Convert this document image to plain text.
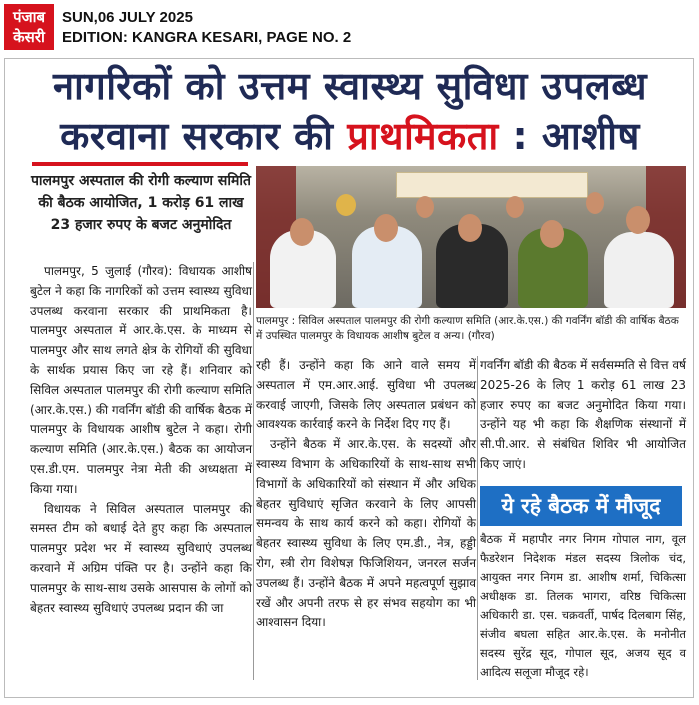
पंजाब
केसरी
SUN,06 JULY 2025
EDITION: KANGRA KESARI, PAGE NO. 2
नागरिकों को उत्तम स्वास्थ्य सुविधा उपलब्ध
करवाना सरकार की प्राथमिकता : आशीष
पालमपुर अस्पताल की रोगी कल्याण समिति की बैठक आयोजित, 1 करोड़ 61 लाख 23 हजार रुपए के बजट अनुमोदित
पालमपुर : सिविल अस्पताल पालमपुर की रोगी कल्याण समिति (आर.के.एस.) की गवर्निंग बॉडी की वार्षिक बैठक में उपस्थित पालमपुर के विधायक आशीष बुटेल व अन्य। (गौरव)

पालमपुर, 5 जुलाई (गौरव): विधायक आशीष बुटेल ने कहा कि नागरिकों को उत्तम स्वास्थ्य सुविधा उपलब्ध करवाना सरकार की प्राथमिकता है। पालमपुर अस्पताल में आर.के.एस. के माध्यम से पालमपुर और साथ लगते क्षेत्र के रोगियों की सुविधा के सार्थक प्रयास किए जा रहे हैं। शनिवार को सिविल अस्पताल पालमपुर की रोगी कल्याण समिति (आर.के.एस.) की गवर्निंग बॉडी की वार्षिक बैठक में पालमपुर के विधायक आशीष बुटेल ने कहा। रोगी कल्याण समिति (आर.के.एस.) बैठक का आयोजन एस.डी.एम. पालमपुर नेत्रा मेती की अध्यक्षता में किया गया।

विधायक ने सिविल अस्पताल पालमपुर की समस्त टीम को बधाई देते हुए कहा कि अस्पताल पालमपुर प्रदेश भर में स्वास्थ्य सुविधाएं उपलब्ध करवाने में अग्रिम पंक्ति पर है। उन्होंने कहा कि पालमपुर के साथ-साथ उसके आसपास के लोगों को बेहतर स्वास्थ्य सुविधाएं उपलब्ध प्रदान की जा

रही हैं। उन्होंने कहा कि आने वाले समय में अस्पताल में एम.आर.आई. सुविधा भी उपलब्ध करवाई जाएगी, जिसके लिए अस्पताल प्रबंधन को आवश्यक कार्रवाई करने के निर्देश दिए गए हैं।

उन्होंने बैठक में आर.के.एस. के सदस्यों और स्वास्थ्य विभाग के अधिकारियों के साथ-साथ सभी विभागों के अधिकारियों को संस्थान में और अधिक बेहतर सुविधाएं सृजित करवाने के लिए आपसी समन्वय के साथ कार्य करने को कहा। रोगियों के बेहतर स्वास्थ्य सुविधा के लिए एम.डी., नेत्र, हड्डी रोग, स्त्री रोग विशेषज्ञ फिजिशियन, जनरल सर्जन उपलब्ध हैं। उन्होंने बैठक में अपने महत्वपूर्ण सुझाव रखें और अपनी तरफ से हर संभव सहयोग का भी आश्वासन दिया।

गवर्निंग बॉडी की बैठक में सर्वसम्मति से वित्त वर्ष 2025-26 के लिए 1 करोड़ 61 लाख 23 हजार रुपए का बजट अनुमोदित किया गया। उन्होंने यह भी कहा कि शैक्षणिक संस्थानों में सी.पी.आर. से संबंधित शिविर भी आयोजित किए जाएं।

ये रहे बैठक में मौजूद
बैठक में महापौर नगर निगम गोपाल नाग, वूल फैडरेशन निदेशक मंडल सदस्य त्रिलोक चंद, आयुक्त नगर निगम डा. आशीष शर्मा, चिकित्सा अधीक्षक डा. तिलक भागरा, वरिष्ठ चिकित्सा अधिकारी डा. एस. चक्रवर्ती, पार्षद दिलबाग सिंह, संजीव बघला सहित आर.के.एस. के मनोनीत सदस्य सुरेंद्र सूद, गोपाल सूद, अजय सूद व आदित्य सलूजा मौजूद रहे।
